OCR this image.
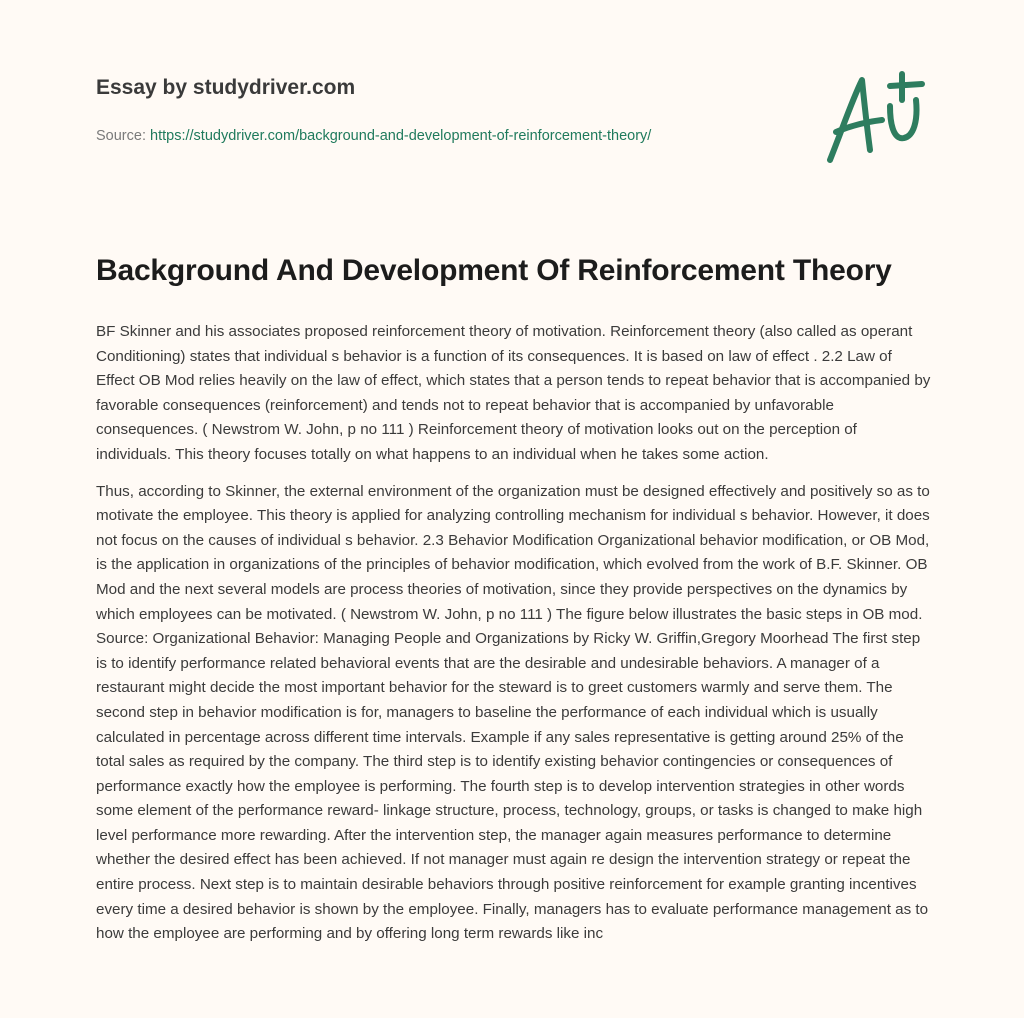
Essay by studydriver.com

Source: https://studydriver.com/background-and-development-of-reinforcement-theory/
Background And Development Of Reinforcement Theory

BF Skinner and his associates proposed reinforcement theory of motivation. Reinforcement theory (also called as operant Conditioning) states that individual s behavior is a function of its consequences. It is based on law of effect . 2.2 Law of Effect OB Mod relies heavily on the law of effect, which states that a person tends to repeat behavior that is accompanied by favorable consequences (reinforcement) and tends not to repeat behavior that is accompanied by unfavorable consequences. ( Newstrom W. John, p no 111 ) Reinforcement theory of motivation looks out on the perception of individuals. This theory focuses totally on what happens to an individual when he takes some action.

Thus, according to Skinner, the external environment of the organization must be designed effectively and positively so as to motivate the employee. This theory is applied for analyzing controlling mechanism for individual s behavior. However, it does not focus on the causes of individual s behavior. 2.3 Behavior Modification Organizational behavior modification, or OB Mod, is the application in organizations of the principles of behavior modification, which evolved from the work of B.F. Skinner. OB Mod and the next several models are process theories of motivation, since they provide perspectives on the dynamics by which employees can be motivated. ( Newstrom W. John, p no 111 ) The figure below illustrates the basic steps in OB mod. Source: Organizational Behavior: Managing People and Organizations by Ricky W. Griffin,Gregory Moorhead The first step is to identify performance related behavioral events that are the desirable and undesirable behaviors. A manager of a restaurant might decide the most important behavior for the steward is to greet customers warmly and serve them. The second step in behavior modification is for, managers to baseline the performance of each individual which is usually calculated in percentage across different time intervals. Example if any sales representative is getting around 25% of the total sales as required by the company. The third step is to identify existing behavior contingencies or consequences of performance exactly how the employee is performing. The fourth step is to develop intervention strategies in other words some element of the performance reward- linkage structure, process, technology, groups, or tasks is changed to make high level performance more rewarding. After the intervention step, the manager again measures performance to determine whether the desired effect has been achieved. If not manager must again re design the intervention strategy or repeat the entire process. Next step is to maintain desirable behaviors through positive reinforcement for example granting incentives every time a desired behavior is shown by the employee. Finally, managers has to evaluate performance management as to how the employee are performing and by offering long term rewards like inc
